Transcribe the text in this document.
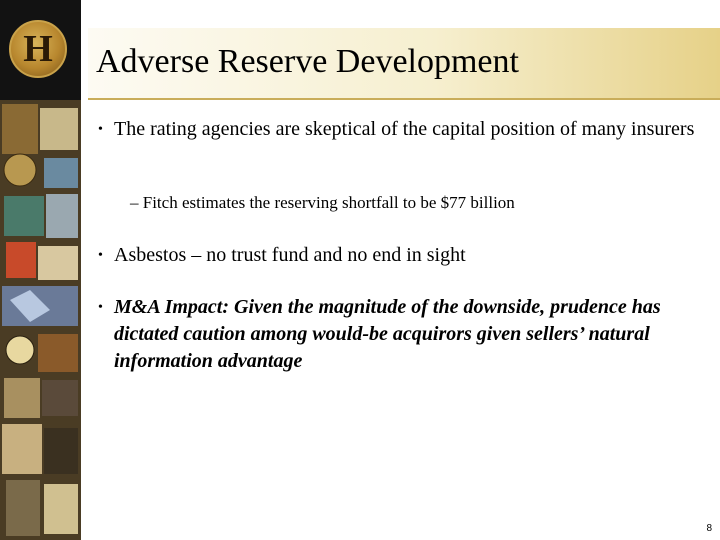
H	Adverse Reserve Development
• The rating agencies are skeptical of the capital position of many insurers
– Fitch estimates the reserving shortfall to be $77 billion
• Asbestos – no trust fund and no end in sight
• M&A Impact: Given the magnitude of the downside, prudence has dictated caution among would-be acquirors given sellers’ natural information advantage
8
